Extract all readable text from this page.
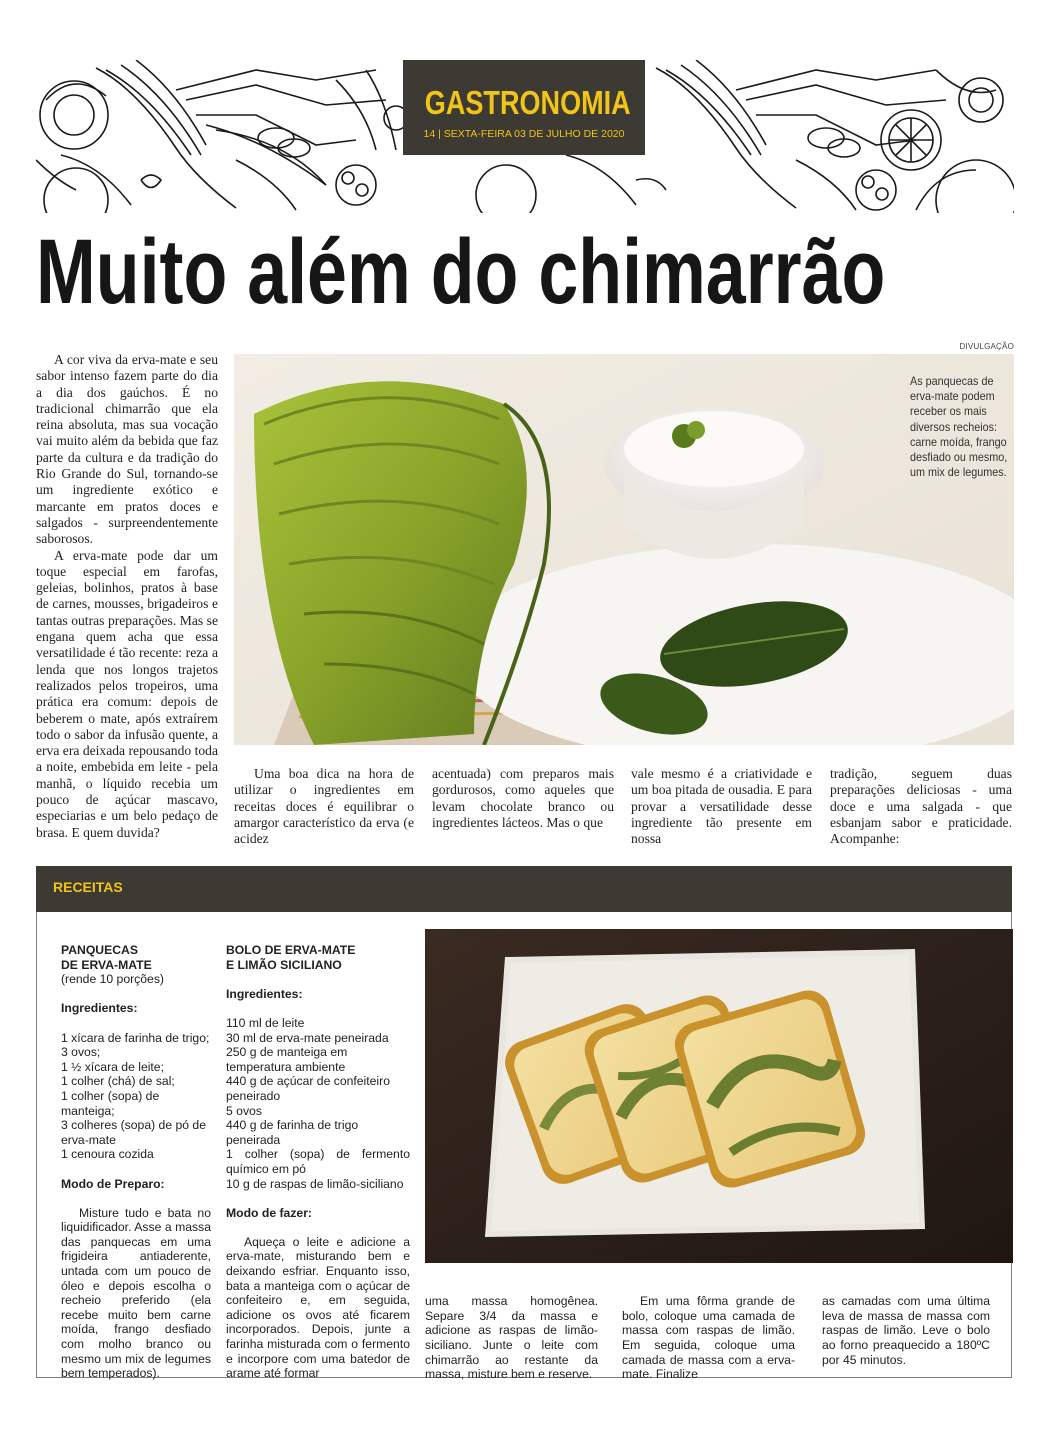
GASTRONOMIA
14 | SEXTA-FEIRA 03 DE JULHO DE 2020
Muito além do chimarrão
DIVULGAÇÃO

A cor viva da erva-mate e seu sabor intenso fazem parte do dia a dia dos gaúchos. É no tradicional chimarrão que ela reina absoluta, mas sua vocação vai muito além da bebida que faz parte da cultura e da tradição do Rio Grande do Sul, tornando-se um ingrediente exótico e marcante em pratos doces e salgados - surpreendentemente saborosos.

A erva-mate pode dar um toque especial em farofas, geleias, bolinhos, pratos à base de carnes, mousses, brigadeiros e tantas outras preparações. Mas se engana quem acha que essa versatilidade é tão recente: reza a lenda que nos longos trajetos realizados pelos tropeiros, uma prática era comum: depois de beberem o mate, após extraírem todo o sabor da infusão quente, a erva era deixada repousando toda a noite, embebida em leite - pela manhã, o líquido recebia um pouco de açúcar mascavo, especiarias e um belo pedaço de brasa. E quem duvida?

As panquecas de erva-mate podem receber os mais diversos recheios: carne moída, frango desfiado ou mesmo, um mix de legumes.

Uma boa dica na hora de utilizar o ingredientes em receitas doces é equilibrar o amargor característico da erva (e acidez

acentuada) com preparos mais gordurosos, como aqueles que levam chocolate branco ou ingredientes lácteos. Mas o que

vale mesmo é a criatividade e um boa pitada de ousadia. E para provar a versatilidade desse ingrediente tão presente em nossa

tradição, seguem duas preparações deliciosas - uma doce e uma salgada - que esbanjam sabor e praticidade. Acompanhe:

RECEITAS

PANQUECAS

DE ERVA-MATE

(rende 10 porções)

Ingredientes:

1 xícara de farinha de trigo;

3 ovos;

1 ½ xícara de leite;

1 colher (chá) de sal;

1 colher (sopa) de manteiga;

3 colheres (sopa) de pó de erva-mate

1 cenoura cozida

Modo de Preparo:

Misture tudo e bata no liquidificador. Asse a massa das panquecas em uma frigideira antiaderente, untada com um pouco de óleo e depois escolha o recheio preferido (ela recebe muito bem carne moída, frango desfiado com molho branco ou mesmo um mix de legumes bem temperados).

BOLO DE ERVA-MATE

E LIMÃO SICILIANO

Ingredientes:

110 ml de leite

30 ml de erva-mate peneirada

250 g de manteiga em temperatura ambiente

440 g de açúcar de confeiteiro peneirado

5 ovos

440 g de farinha de trigo peneirada

1 colher (sopa) de fermento químico em pó

10 g de raspas de limão-siciliano

Modo de fazer:

Aqueça o leite e adicione a erva-mate, misturando bem e deixando esfriar. Enquanto isso, bata a manteiga com o açúcar de confeiteiro e, em seguida, adicione os ovos até ficarem incorporados. Depois, junte a farinha misturada com o fermento e incorpore com uma batedor de arame até formar

uma massa homogênea. Separe 3/4 da massa e adicione as raspas de limão-siciliano. Junte o leite com chimarrão ao restante da massa, misture bem e reserve.

Em uma fôrma grande de bolo, coloque uma camada de massa com raspas de limão. Em seguida, coloque uma camada de massa com a erva-mate. Finalize

as camadas com uma última leva de massa de massa com raspas de limão. Leve o bolo ao forno preaquecido a 180ºC por 45 minutos.
